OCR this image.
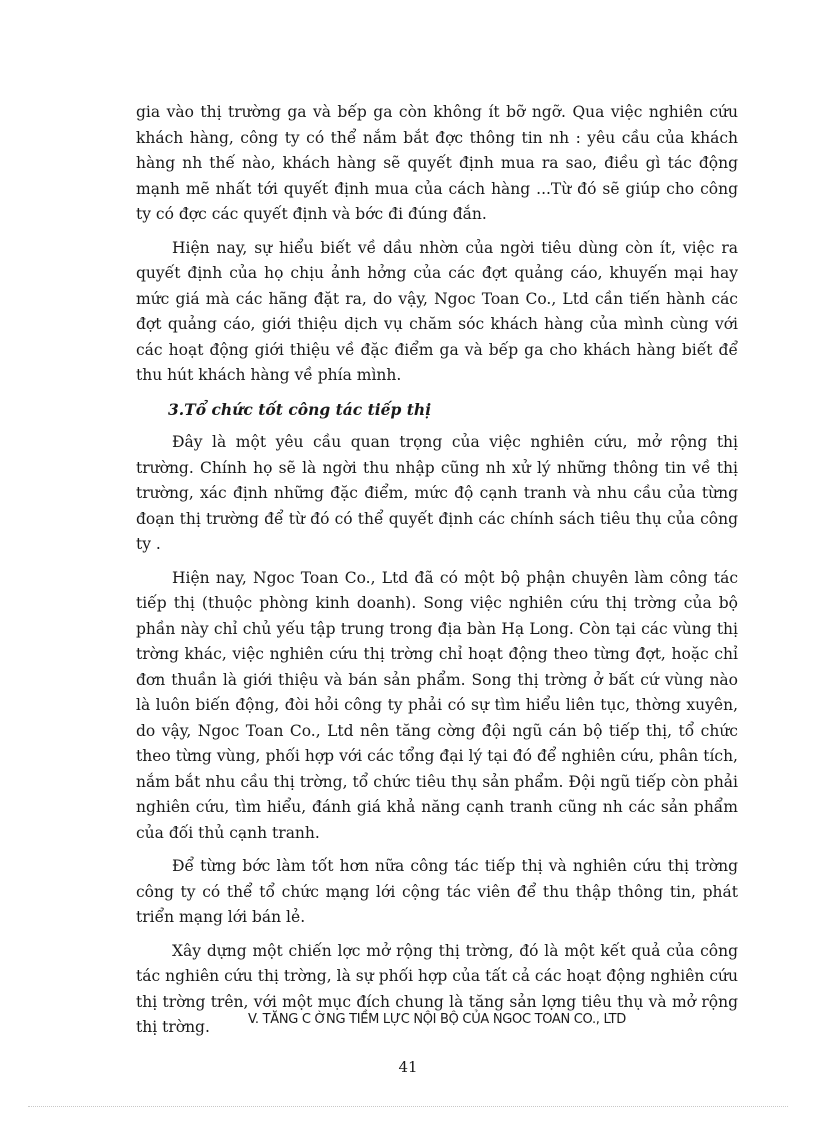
gia vào thị trường ga và bếp ga còn không ít bỡ ngỡ. Qua việc nghiên cứu khách hàng, công ty có thể nắm bắt đợc thông tin nh : yêu cầu của khách hàng nh thế nào, khách hàng sẽ quyết định mua ra sao, điều gì tác động mạnh mẽ nhất tới quyết định mua của cách hàng ...Từ đó sẽ giúp cho công ty có đợc các quyết định và bớc đi đúng đắn.

Hiện nay, sự hiểu biết về dầu nhờn của ngời tiêu dùng còn ít, việc ra quyết định của họ chịu ảnh hởng của các đợt quảng cáo, khuyến mại hay mức giá mà các hãng đặt ra, do vậy, Ngoc Toan Co., Ltd cần tiến hành các đợt quảng cáo, giới thiệu dịch vụ chăm sóc khách hàng của mình cùng với các hoạt động giới thiệu về đặc điểm ga và bếp ga cho khách hàng biết để thu hút khách hàng về phía mình.

3.Tổ chức tốt công tác tiếp thị

Đây là một yêu cầu quan trọng của việc nghiên cứu, mở rộng thị trường. Chính họ sẽ là ngời thu nhập cũng nh xử lý những thông tin về thị trường, xác định những đặc điểm, mức độ cạnh tranh và nhu cầu của từng đoạn thị trường để từ đó có thể quyết định các chính sách tiêu thụ của công ty .

Hiện nay, Ngoc Toan Co., Ltd đã có một bộ phận chuyên làm công tác tiếp thị (thuộc phòng kinh doanh). Song việc nghiên cứu thị trờng của bộ phần này chỉ chủ yếu tập trung trong địa bàn Hạ Long. Còn tại các vùng thị trờng khác, việc nghiên cứu thị trờng chỉ hoạt động theo từng đợt, hoặc chỉ đơn thuần là giới thiệu và bán sản phẩm. Song thị trờng ở bất cứ vùng nào là luôn biến động, đòi hỏi công ty phải có sự tìm hiểu liên tục, thờng xuyên, do vậy, Ngoc Toan Co., Ltd nên tăng cờng đội ngũ cán bộ tiếp thị, tổ chức theo từng vùng, phối hợp với các tổng đại lý tại đó để nghiên cứu, phân tích, nắm bắt nhu cầu thị trờng, tổ chức tiêu thụ sản phẩm. Đội ngũ tiếp còn phải nghiên cứu, tìm hiểu, đánh giá khả năng cạnh tranh cũng nh các sản phẩm của đối thủ cạnh tranh.

Để từng bớc làm tốt hơn nữa công tác tiếp thị và nghiên cứu thị trờng công ty có thể tổ chức mạng lới cộng tác viên để thu thập thông tin, phát triển mạng lới bán lẻ.

Xây dựng một chiến lợc mở rộng thị trờng, đó là một kết quả của công tác nghiên cứu thị trờng, là sự phối hợp của tất cả các hoạt động nghiên cứu thị trờng trên, với một mục đích chung là tăng sản lợng tiêu thụ và mở rộng thị trờng.	V. TĂNG C ỜNG TIỀM LỰC NỘI BỘ CỦA NGOC TOAN CO., LTD
41
